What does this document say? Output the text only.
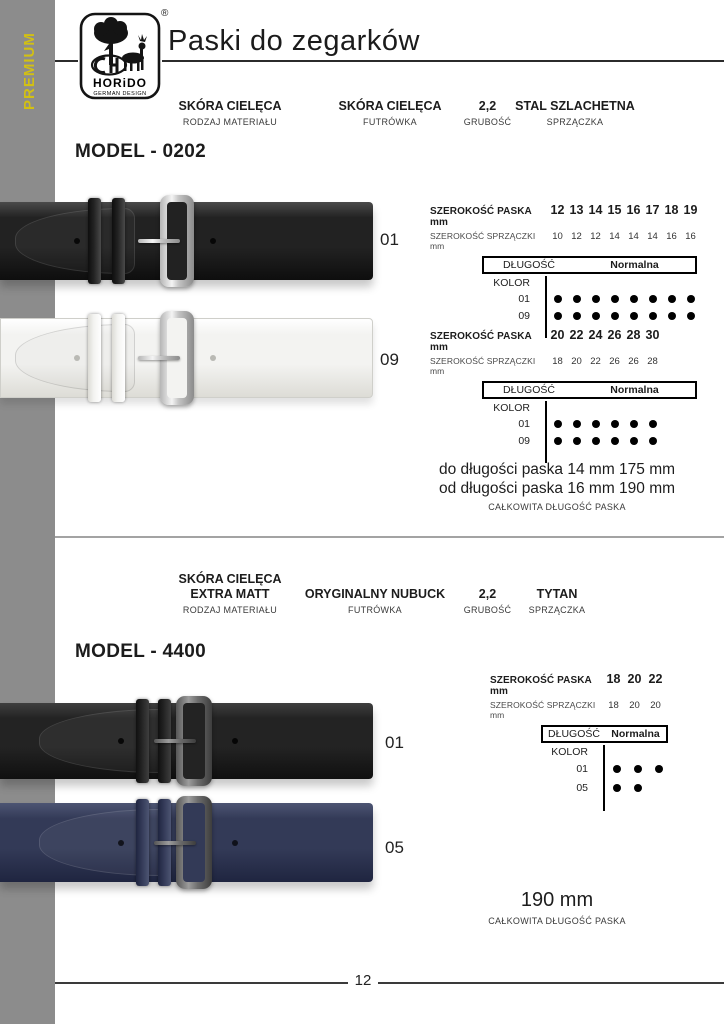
PREMIUM	HORiDO
GERMAN DESIGN
®
Paski do zegarków
SKÓRA CIELĘCA
RODZAJ MATERIAŁU
SKÓRA CIELĘCA
FUTRÓWKA
2,2
GRUBOŚĆ
STAL SZLACHETNA
SPRZĄCZKA
MODEL - 0202
01
09
SZEROKOŚĆ PASKA mm
12 13 14 15 16 17 18 19
SZEROKOŚĆ SPRZĄCZKI mm
10 12 12 14 14 14 16 16
DŁUGOŚĆ	Normalna
KOLOR
01
09
SZEROKOŚĆ PASKA mm
20 22 24 26 28 30
SZEROKOŚĆ SPRZĄCZKI mm
18 20 22 26 26 28
DŁUGOŚĆ	Normalna
KOLOR
01
09
do długości paska 14 mm 175 mm
od długości paska 16 mm 190 mm
CAŁKOWITA DŁUGOŚĆ PASKA
SKÓRA CIELĘCA
EXTRA MATT
RODZAJ MATERIAŁU
ORYGINALNY NUBUCK
FUTRÓWKA
2,2
GRUBOŚĆ
TYTAN
SPRZĄCZKA
MODEL - 4400
SZEROKOŚĆ PASKA mm
18 20 22
SZEROKOŚĆ SPRZĄCZKI mm
18	20	20
DŁUGOŚĆ	Normalna
KOLOR
01
05
01
05
190 mm
CAŁKOWITA DŁUGOŚĆ PASKA
12
